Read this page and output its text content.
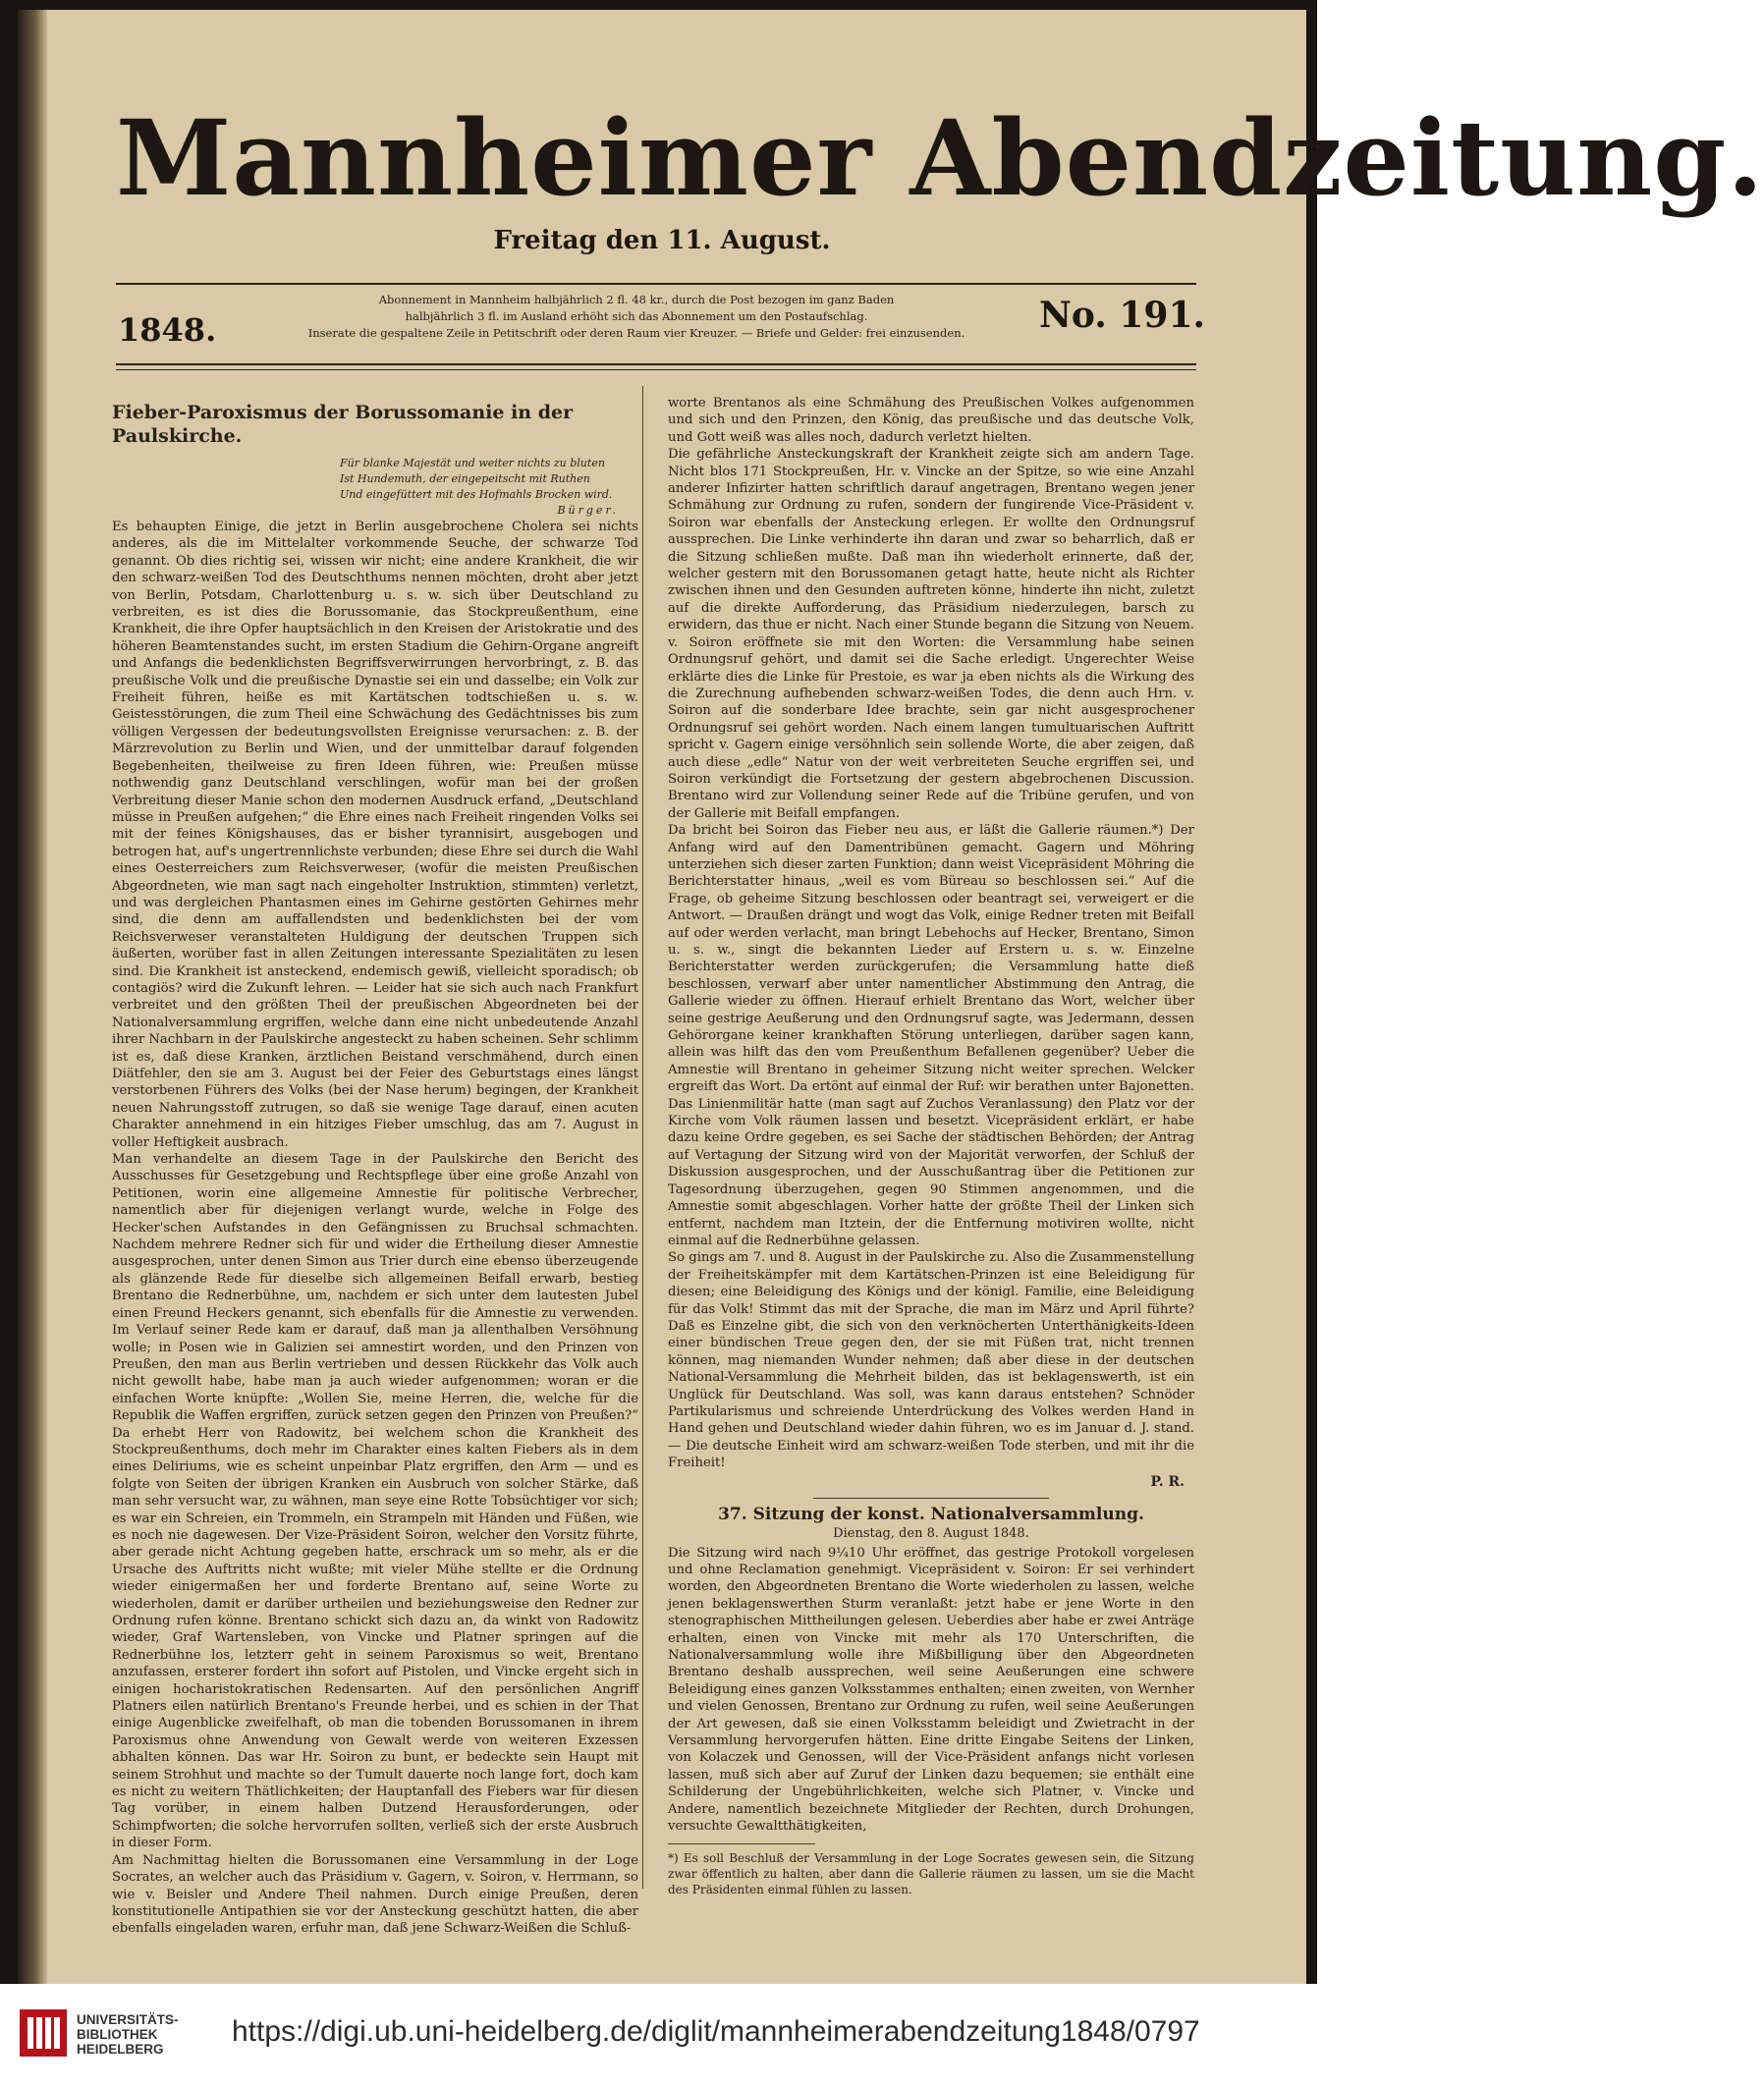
Mannheimer Abendzeitung.
Freitag den 11. August.
1848.
Abonnement in Mannheim halbjährlich 2 fl. 48 kr., durch die Post bezogen im ganz Baden
halbjährlich 3 fl. im Ausland erhöht sich das Abonnement um den Postaufschlag.
Inserate die gespaltene Zeile in Petitschrift oder deren Raum vier Kreuzer. — Briefe und Gelder: frei einzusenden. No. 191.
Fieber-Paroxismus der Borussomanie in der Paulskirche.
Für blanke Majestät und weiter nichts zu bluten
Ist Hundemuth, der eingepeitscht mit Ruthen
Und eingefüttert mit des Hofmahls Brocken wird.
Bürger.

Es behaupten Einige, die jetzt in Berlin ausgebrochene Cholera sei nichts anderes, als die im Mittelalter vorkommende Seuche, der schwarze Tod genannt. Ob dies richtig sei, wissen wir nicht; eine andere Krankheit, die wir den schwarz-weißen Tod des Deutschthums nennen möchten, droht aber jetzt von Berlin, Potsdam, Charlottenburg u. s. w. sich über Deutschland zu verbreiten, es ist dies die Borussomanie, das Stockpreußenthum, eine Krankheit, die ihre Opfer hauptsächlich in den Kreisen der Aristokratie und des höheren Beamtenstandes sucht, im ersten Stadium die Gehirn-Organe angreift und Anfangs die bedenklichsten Begriffsverwirrungen hervorbringt, z. B. das preußische Volk und die preußische Dynastie sei ein und dasselbe; ein Volk zur Freiheit führen, heiße es mit Kartätschen todtschießen u. s. w. Geistesstörungen, die zum Theil eine Schwächung des Gedächtnisses bis zum völligen Vergessen der bedeutungsvollsten Ereignisse verursachen: z. B. der Märzrevolution zu Berlin und Wien, und der unmittelbar darauf folgenden Begebenheiten, theilweise zu firen Ideen führen, wie: Preußen müsse nothwendig ganz Deutschland verschlingen, wofür man bei der großen Verbreitung dieser Manie schon den modernen Ausdruck erfand, „Deutschland müsse in Preußen aufgehen;“ die Ehre eines nach Freiheit ringenden Volks sei mit der feines Königshauses, das er bisher tyrannisirt, ausgebogen und betrogen hat, auf's ungertrennlichste verbunden; diese Ehre sei durch die Wahl eines Oesterreichers zum Reichsverweser, (wofür die meisten Preußischen Abgeordneten, wie man sagt nach eingeholter Instruktion, stimmten) verletzt, und was dergleichen Phantasmen eines im Gehirne gestörten Gehirnes mehr sind, die denn am auffallendsten und bedenklichsten bei der vom Reichsverweser veranstalteten Huldigung der deutschen Truppen sich äußerten, worüber fast in allen Zeitungen interessante Spezialitäten zu lesen sind. Die Krankheit ist ansteckend, endemisch gewiß, vielleicht sporadisch; ob contagiös? wird die Zukunft lehren. — Leider hat sie sich auch nach Frankfurt verbreitet und den größten Theil der preußischen Abgeordneten bei der Nationalversammlung ergriffen, welche dann eine nicht unbedeutende Anzahl ihrer Nachbarn in der Paulskirche angesteckt zu haben scheinen. Sehr schlimm ist es, daß diese Kranken, ärztlichen Beistand verschmähend, durch einen Diätfehler, den sie am 3. August bei der Feier des Geburtstags eines längst verstorbenen Führers des Volks (bei der Nase herum) begingen, der Krankheit neuen Nahrungsstoff zutrugen, so daß sie wenige Tage darauf, einen acuten Charakter annehmend in ein hitziges Fieber umschlug, das am 7. August in voller Heftigkeit ausbrach.

Man verhandelte an diesem Tage in der Paulskirche den Bericht des Ausschusses für Gesetzgebung und Rechtspflege über eine große Anzahl von Petitionen, worin eine allgemeine Amnestie für politische Verbrecher, namentlich aber für diejenigen verlangt wurde, welche in Folge des Hecker'schen Aufstandes in den Gefängnissen zu Bruchsal schmachten. Nachdem mehrere Redner sich für und wider die Ertheilung dieser Amnestie ausgesprochen, unter denen Simon aus Trier durch eine ebenso überzeugende als glänzende Rede für dieselbe sich allgemeinen Beifall erwarb, bestieg Brentano die Rednerbühne, um, nachdem er sich unter dem lautesten Jubel einen Freund Heckers genannt, sich ebenfalls für die Amnestie zu verwenden. Im Verlauf seiner Rede kam er darauf, daß man ja allenthalben Versöhnung wolle; in Posen wie in Galizien sei amnestirt worden, und den Prinzen von Preußen, den man aus Berlin vertrieben und dessen Rückkehr das Volk auch nicht gewollt habe, habe man ja auch wieder aufgenommen; woran er die einfachen Worte knüpfte: „Wollen Sie, meine Herren, die, welche für die Republik die Waffen ergriffen, zurück setzen gegen den Prinzen von Preußen?“ Da erhebt Herr von Radowitz, bei welchem schon die Krankheit des Stockpreußenthums, doch mehr im Charakter eines kalten Fiebers als in dem eines Deliriums, wie es scheint unpeinbar Platz ergriffen, den Arm — und es folgte von Seiten der übrigen Kranken ein Ausbruch von solcher Stärke, daß man sehr versucht war, zu wähnen, man seye eine Rotte Tobsüchtiger vor sich; es war ein Schreien, ein Trommeln, ein Strampeln mit Händen und Füßen, wie es noch nie dagewesen. Der Vize-Präsident Soiron, welcher den Vorsitz führte, aber gerade nicht Achtung gegeben hatte, erschrack um so mehr, als er die Ursache des Auftritts nicht wußte; mit vieler Mühe stellte er die Ordnung wieder einigermaßen her und forderte Brentano auf, seine Worte zu wiederholen, damit er darüber urtheilen und beziehungsweise den Redner zur Ordnung rufen könne. Brentano schickt sich dazu an, da winkt von Radowitz wieder, Graf Wartensleben, von Vincke und Platner springen auf die Rednerbühne los, letzterr geht in seinem Paroxismus so weit, Brentano anzufassen, ersterer fordert ihn sofort auf Pistolen, und Vincke ergeht sich in einigen hocharistokratischen Redensarten. Auf den persönlichen Angriff Platners eilen natürlich Brentano's Freunde herbei, und es schien in der That einige Augenblicke zweifelhaft, ob man die tobenden Borussomanen in ihrem Paroxismus ohne Anwendung von Gewalt werde von weiteren Exzessen abhalten können. Das war Hr. Soiron zu bunt, er bedeckte sein Haupt mit seinem Strohhut und machte so der Tumult dauerte noch lange fort, doch kam es nicht zu weitern Thätlichkeiten; der Hauptanfall des Fiebers war für diesen Tag vorüber, in einem halben Dutzend Herausforderungen, oder Schimpfworten; die solche hervorrufen sollten, verließ sich der erste Ausbruch in dieser Form.

Am Nachmittag hielten die Borussomanen eine Versammlung in der Loge Socrates, an welcher auch das Präsidium v. Gagern, v. Soiron, v. Herrmann, so wie v. Beisler und Andere Theil nahmen. Durch einige Preußen, deren konstitutionelle Antipathien sie vor der Ansteckung geschützt hatten, die aber ebenfalls eingeladen waren, erfuhr man, daß jene Schwarz-Weißen die Schluß-

worte Brentanos als eine Schmähung des Preußischen Volkes aufgenommen und sich und den Prinzen, den König, das preußische und das deutsche Volk, und Gott weiß was alles noch, dadurch verletzt hielten.

Die gefährliche Ansteckungskraft der Krankheit zeigte sich am andern Tage. Nicht blos 171 Stockpreußen, Hr. v. Vincke an der Spitze, so wie eine Anzahl anderer Infizirter hatten schriftlich darauf angetragen, Brentano wegen jener Schmähung zur Ordnung zu rufen, sondern der fungirende Vice-Präsident v. Soiron war ebenfalls der Ansteckung erlegen. Er wollte den Ordnungsruf aussprechen. Die Linke verhinderte ihn daran und zwar so beharrlich, daß er die Sitzung schließen mußte. Daß man ihn wiederholt erinnerte, daß der, welcher gestern mit den Borussomanen getagt hatte, heute nicht als Richter zwischen ihnen und den Gesunden auftreten könne, hinderte ihn nicht, zuletzt auf die direkte Aufforderung, das Präsidium niederzulegen, barsch zu erwidern, das thue er nicht. Nach einer Stunde begann die Sitzung von Neuem. v. Soiron eröffnete sie mit den Worten: die Versammlung habe seinen Ordnungsruf gehört, und damit sei die Sache erledigt. Ungerechter Weise erklärte dies die Linke für Prestoie, es war ja eben nichts als die Wirkung des die Zurechnung aufhebenden schwarz-weißen Todes, die denn auch Hrn. v. Soiron auf die sonderbare Idee brachte, sein gar nicht ausgesprochener Ordnungsruf sei gehört worden. Nach einem langen tumultuarischen Auftritt spricht v. Gagern einige versöhnlich sein sollende Worte, die aber zeigen, daß auch diese „edle“ Natur von der weit verbreiteten Seuche ergriffen sei, und Soiron verkündigt die Fortsetzung der gestern abgebrochenen Discussion. Brentano wird zur Vollendung seiner Rede auf die Tribüne gerufen, und von der Gallerie mit Beifall empfangen.

Da bricht bei Soiron das Fieber neu aus, er läßt die Gallerie räumen.*) Der Anfang wird auf den Damentribünen gemacht. Gagern und Möhring unterziehen sich dieser zarten Funktion; dann weist Vicepräsident Möhring die Berichterstatter hinaus, „weil es vom Büreau so beschlossen sei.“ Auf die Frage, ob geheime Sitzung beschlossen oder beantragt sei, verweigert er die Antwort. — Draußen drängt und wogt das Volk, einige Redner treten mit Beifall auf oder werden verlacht, man bringt Lebehochs auf Hecker, Brentano, Simon u. s. w., singt die bekannten Lieder auf Erstern u. s. w. Einzelne Berichterstatter werden zurückgerufen; die Versammlung hatte dieß beschlossen, verwarf aber unter namentlicher Abstimmung den Antrag, die Gallerie wieder zu öffnen. Hierauf erhielt Brentano das Wort, welcher über seine gestrige Aeußerung und den Ordnungsruf sagte, was Jedermann, dessen Gehörorgane keiner krankhaften Störung unterliegen, darüber sagen kann, allein was hilft das den vom Preußenthum Befallenen gegenüber? Ueber die Amnestie will Brentano in geheimer Sitzung nicht weiter sprechen. Welcker ergreift das Wort. Da ertönt auf einmal der Ruf: wir berathen unter Bajonetten. Das Linienmilitär hatte (man sagt auf Zuchos Veranlassung) den Platz vor der Kirche vom Volk räumen lassen und besetzt. Vicepräsident erklärt, er habe dazu keine Ordre gegeben, es sei Sache der städtischen Behörden; der Antrag auf Vertagung der Sitzung wird von der Majorität verworfen, der Schluß der Diskussion ausgesprochen, und der Ausschußantrag über die Petitionen zur Tagesordnung überzugehen, gegen 90 Stimmen angenommen, und die Amnestie somit abgeschlagen. Vorher hatte der größte Theil der Linken sich entfernt, nachdem man Itztein, der die Entfernung motiviren wollte, nicht einmal auf die Rednerbühne gelassen.

So gings am 7. und 8. August in der Paulskirche zu. Also die Zusammenstellung der Freiheitskämpfer mit dem Kartätschen-Prinzen ist eine Beleidigung für diesen; eine Beleidigung des Königs und der königl. Familie, eine Beleidigung für das Volk! Stimmt das mit der Sprache, die man im März und April führte? Daß es Einzelne gibt, die sich von den verknöcherten Unterthänigkeits-Ideen einer bündischen Treue gegen den, der sie mit Füßen trat, nicht trennen können, mag niemanden Wunder nehmen; daß aber diese in der deutschen National-Versammlung die Mehrheit bilden, das ist beklagenswerth, ist ein Unglück für Deutschland. Was soll, was kann daraus entstehen? Schnöder Partikularismus und schreiende Unterdrückung des Volkes werden Hand in Hand gehen und Deutschland wieder dahin führen, wo es im Januar d. J. stand. — Die deutsche Einheit wird am schwarz-weißen Tode sterben, und mit ihr die Freiheit!

P. R.
37. Sitzung der konst. Nationalversammlung.
Dienstag, den 8. August 1848.

Die Sitzung wird nach 9¼10 Uhr eröffnet, das gestrige Protokoll vorgelesen und ohne Reclamation genehmigt. Vicepräsident v. Soiron: Er sei verhindert worden, den Abgeordneten Brentano die Worte wiederholen zu lassen, welche jenen beklagenswerthen Sturm veranlaßt: jetzt habe er jene Worte in den stenographischen Mittheilungen gelesen. Ueberdies aber habe er zwei Anträge erhalten, einen von Vincke mit mehr als 170 Unterschriften, die Nationalversammlung wolle ihre Mißbilligung über den Abgeordneten Brentano deshalb aussprechen, weil seine Aeußerungen eine schwere Beleidigung eines ganzen Volksstammes enthalten; einen zweiten, von Wernher und vielen Genossen, Brentano zur Ordnung zu rufen, weil seine Aeußerungen der Art gewesen, daß sie einen Volksstamm beleidigt und Zwietracht in der Versammlung hervorgerufen hätten. Eine dritte Eingabe Seitens der Linken, von Kolaczek und Genossen, will der Vice-Präsident anfangs nicht vorlesen lassen, muß sich aber auf Zuruf der Linken dazu bequemen; sie enthält eine Schilderung der Ungebührlichkeiten, welche sich Platner, v. Vincke und Andere, namentlich bezeichnete Mitglieder der Rechten, durch Drohungen, versuchte Gewaltthätigkeiten,

*) Es soll Beschluß der Versammlung in der Loge Socrates gewesen sein, die Sitzung zwar öffentlich zu halten, aber dann die Gallerie räumen zu lassen, um sie die Macht des Präsidenten einmal fühlen zu lassen.
UNIVERSITÄTS-
BIBLIOTHEK
HEIDELBERG
https://digi.ub.uni-heidelberg.de/diglit/mannheimerabendzeitung1848/0797
